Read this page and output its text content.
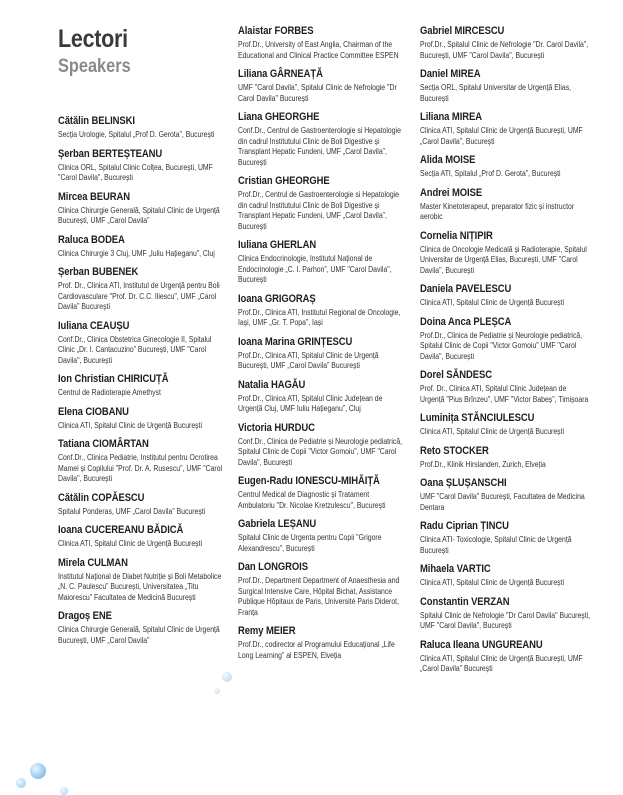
Lectori
Speakers
Cătălin BELINSKI
Secția Urologie, Spitalul „Prof D. Gerota”, București
Șerban BERTEȘTEANU
Clinica ORL, Spitalul Clinic Colțea, București, UMF "Carol Davila", București
Mircea BEURAN
Clinica Chirurgie Generală, Spitalul Clinic de Urgență București, UMF „Carol Davila”
Raluca BODEA
Clinica Chirurgie 3 Cluj, UMF „Iuliu Hațieganu”, Cluj
Șerban BUBENEK
Prof. Dr., Clinica ATI, Institutul de Urgență pentru Boli Cardiovasculare "Prof. Dr. C.C. Iliescu", UMF „Carol Davila” București
Iuliana CEAUȘU
Conf.Dr., Clinica Obstetrica Ginecologie II, Spitalul Clinic „Dr. I. Cantacuzino” București, UMF "Carol Davila", București
Ion Christian CHIRICUȚĂ
Centrul de Radioterapie Amethyst
Elena CIOBANU
Clinica ATI, Spitalul Clinic de Urgență București
Tatiana CIOMÂRTAN
Conf.Dr., Clinica Pediatrie, Institutul pentru Ocrotirea Mamei și Copilului "Prof. Dr. A. Rusescu", UMF "Carol Davila", București
Cătălin COPĂESCU
Spitalul Ponderas, UMF „Carol Davila” București
Ioana CUCEREANU BĂDICĂ
Clinica ATI, Spitalul Clinic de Urgență București
Mirela CULMAN
Institutul Național de Diabet Nutriție și Boli Metabolice „N. C. Paulescu” București, Universitatea „Titu Maiorescu” Facultatea de Medicină București
Dragoș ENE
Clinica Chirurgie Generală, Spitalul Clinic de Urgență București, UMF „Carol Davila”
Alaistar FORBES
Prof.Dr., University of East Anglia, Chairman of the Educational and Clinical Practice Committee ESPEN
Liliana GÂRNEAȚĂ
UMF "Carol Davila", Spitalul Clinic de Nefrologie "Dr Carol Davila" București
Liana GHEORGHE
Conf.Dr., Centrul de Gastroenterologie si Hepatologie din cadrul Institutului Clinic de Boli Digestive și Transplant Hepatic Fundeni, UMF „Carol Davila”, București
Cristian GHEORGHE
Prof.Dr., Centrul de Gastroenterologie si Hepatologie din cadrul Institutului Clinic de Boli Digestive și Transplant Hepatic Fundeni, UMF „Carol Davila”, București
Iuliana GHERLAN
Clinica Endocrinologie, Institutul Național de Endocrinologie „C. I. Parhon”, UMF "Carol Davila", București
Ioana GRIGORAȘ
Prof.Dr., Clinica ATI, Institutul Regional de Oncologie, Iași, UMF „Gr. T. Popa”, Iași
Ioana Marina GRINȚESCU
Prof.Dr., Clinica ATI, Spitalul Clinic de Urgență București, UMF „Carol Davila” București
Natalia HAGĂU
Prof.Dr., Clinica ATI, Spitalul Clinic Județean de Urgență Cluj, UMF Iuliu Hațieganu”, Cluj
Victoria HURDUC
Conf.Dr., Clinica de Pediatrie și Neurologie pediatrică, Spitalul Clinic de Copii "Victor Gomoiu", UMF "Carol Davila", București
Eugen-Radu IONESCU-MIHĂIȚĂ
Centrul Medical de Diagnostic și Tratament Ambulatoriu "Dr. Nicolae Kretzulescu", București
Gabriela LEȘANU
Spitalul Clinic de Urgenta pentru Copii "Grigore Alexandrescu", București
Dan LONGROIS
Prof.Dr., Department Department of Anaesthesia and Surgical Intensive Care, Hôpital Bichat, Assistance Publique Hôpitaux de Paris, Université Paris Diderot, Franța
Remy MEIER
Prof.Dr., codirector al Programului Educațional „Life Long Learning” al ESPEN, Elveția
Gabriel MIRCESCU
Prof.Dr., Spitalul Clinic de Nefrologie "Dr. Carol Davila", București, UMF "Carol Davila", București
Daniel MIREA
Secția ORL, Spitalul Universitar de Urgență Elias, București
Liliana MIREA
Clinica ATI, Spitalul Clinic de Urgență București, UMF „Carol Davila”, București
Alida MOISE
Secția ATI, Spitalul „Prof D. Gerota”, București
Andrei MOISE
Master Kinetoterapeut, preparator fizic și instructor aerobic
Cornelia NIȚIPIR
Clinica de Oncologie Medicală și Radioterapie, Spitalul Universitar de Urgență Elias, București, UMF "Carol Davila", București
Daniela PAVELESCU
Clinica ATI, Spitalul Clinic de Urgență București
Doina Anca PLEȘCA
Prof.Dr., Clinica de Pediatrie și Neurologie pediatrică, Spitalul Clinic de Copii "Victor Gomoiu" UMF "Carol Davila", București
Dorel SĂNDESC
Prof. Dr., Clinica ATI, Spitalul Clinic Județean de Urgență "Pius Brînzeu", UMF "Victor Babeș", Timișoara
Luminița STĂNCIULESCU
Clinica ATI, Spitalul Clinic de Urgență București
Reto STOCKER
Prof.Dr., Klinik Hirslanden, Zurich, Elveția
Oana ȘLUȘANSCHI
UMF "Carol Davila" București, Facultatea de Medicina Dentara
Radu Ciprian ȚINCU
Clinica ATI- Toxicologie, Spitalul Clinic de Urgență București
Mihaela VARTIC
Clinica ATI, Spitalul Clinic de Urgență București
Constantin VERZAN
Spitalul Clinic de Nefrologie "Dr Carol Davila" București, UMF "Carol Davila", București
Raluca Ileana UNGUREANU
Clinica ATI, Spitalul Clinic de Urgență București, UMF „Carol Davila” București
